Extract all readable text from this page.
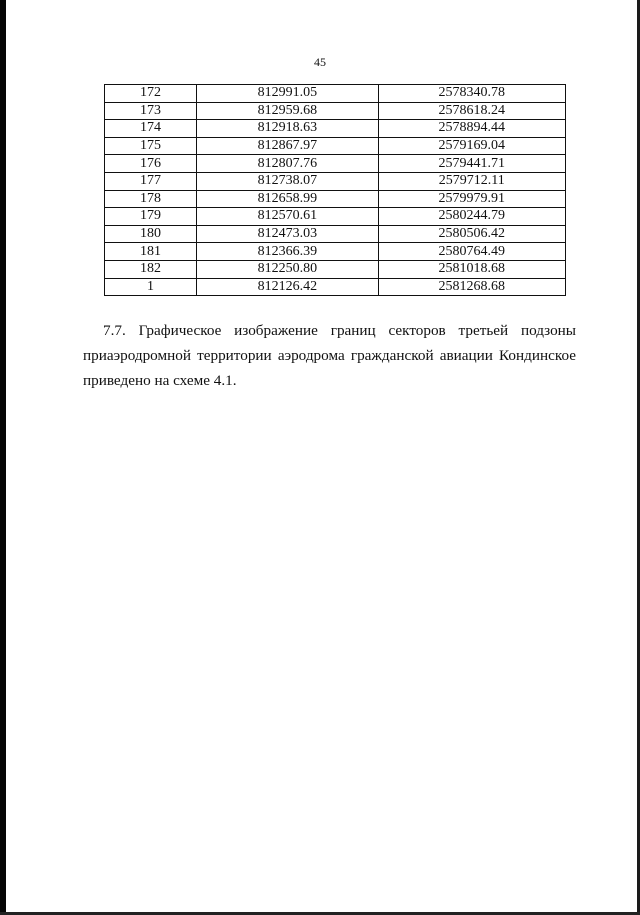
45
172	812991.05	2578340.78
173	812959.68	2578618.24
174	812918.63	2578894.44
175	812867.97	2579169.04
176	812807.76	2579441.71
177	812738.07	2579712.11
178	812658.99	2579979.91
179	812570.61	2580244.79
180	812473.03	2580506.42
181	812366.39	2580764.49
182	812250.80	2581018.68
1	812126.42	2581268.68
7.7. Графическое изображение границ секторов третьей подзоны
приаэродромной территории аэродрома гражданской авиации Кондинское
приведено на схеме 4.1.
